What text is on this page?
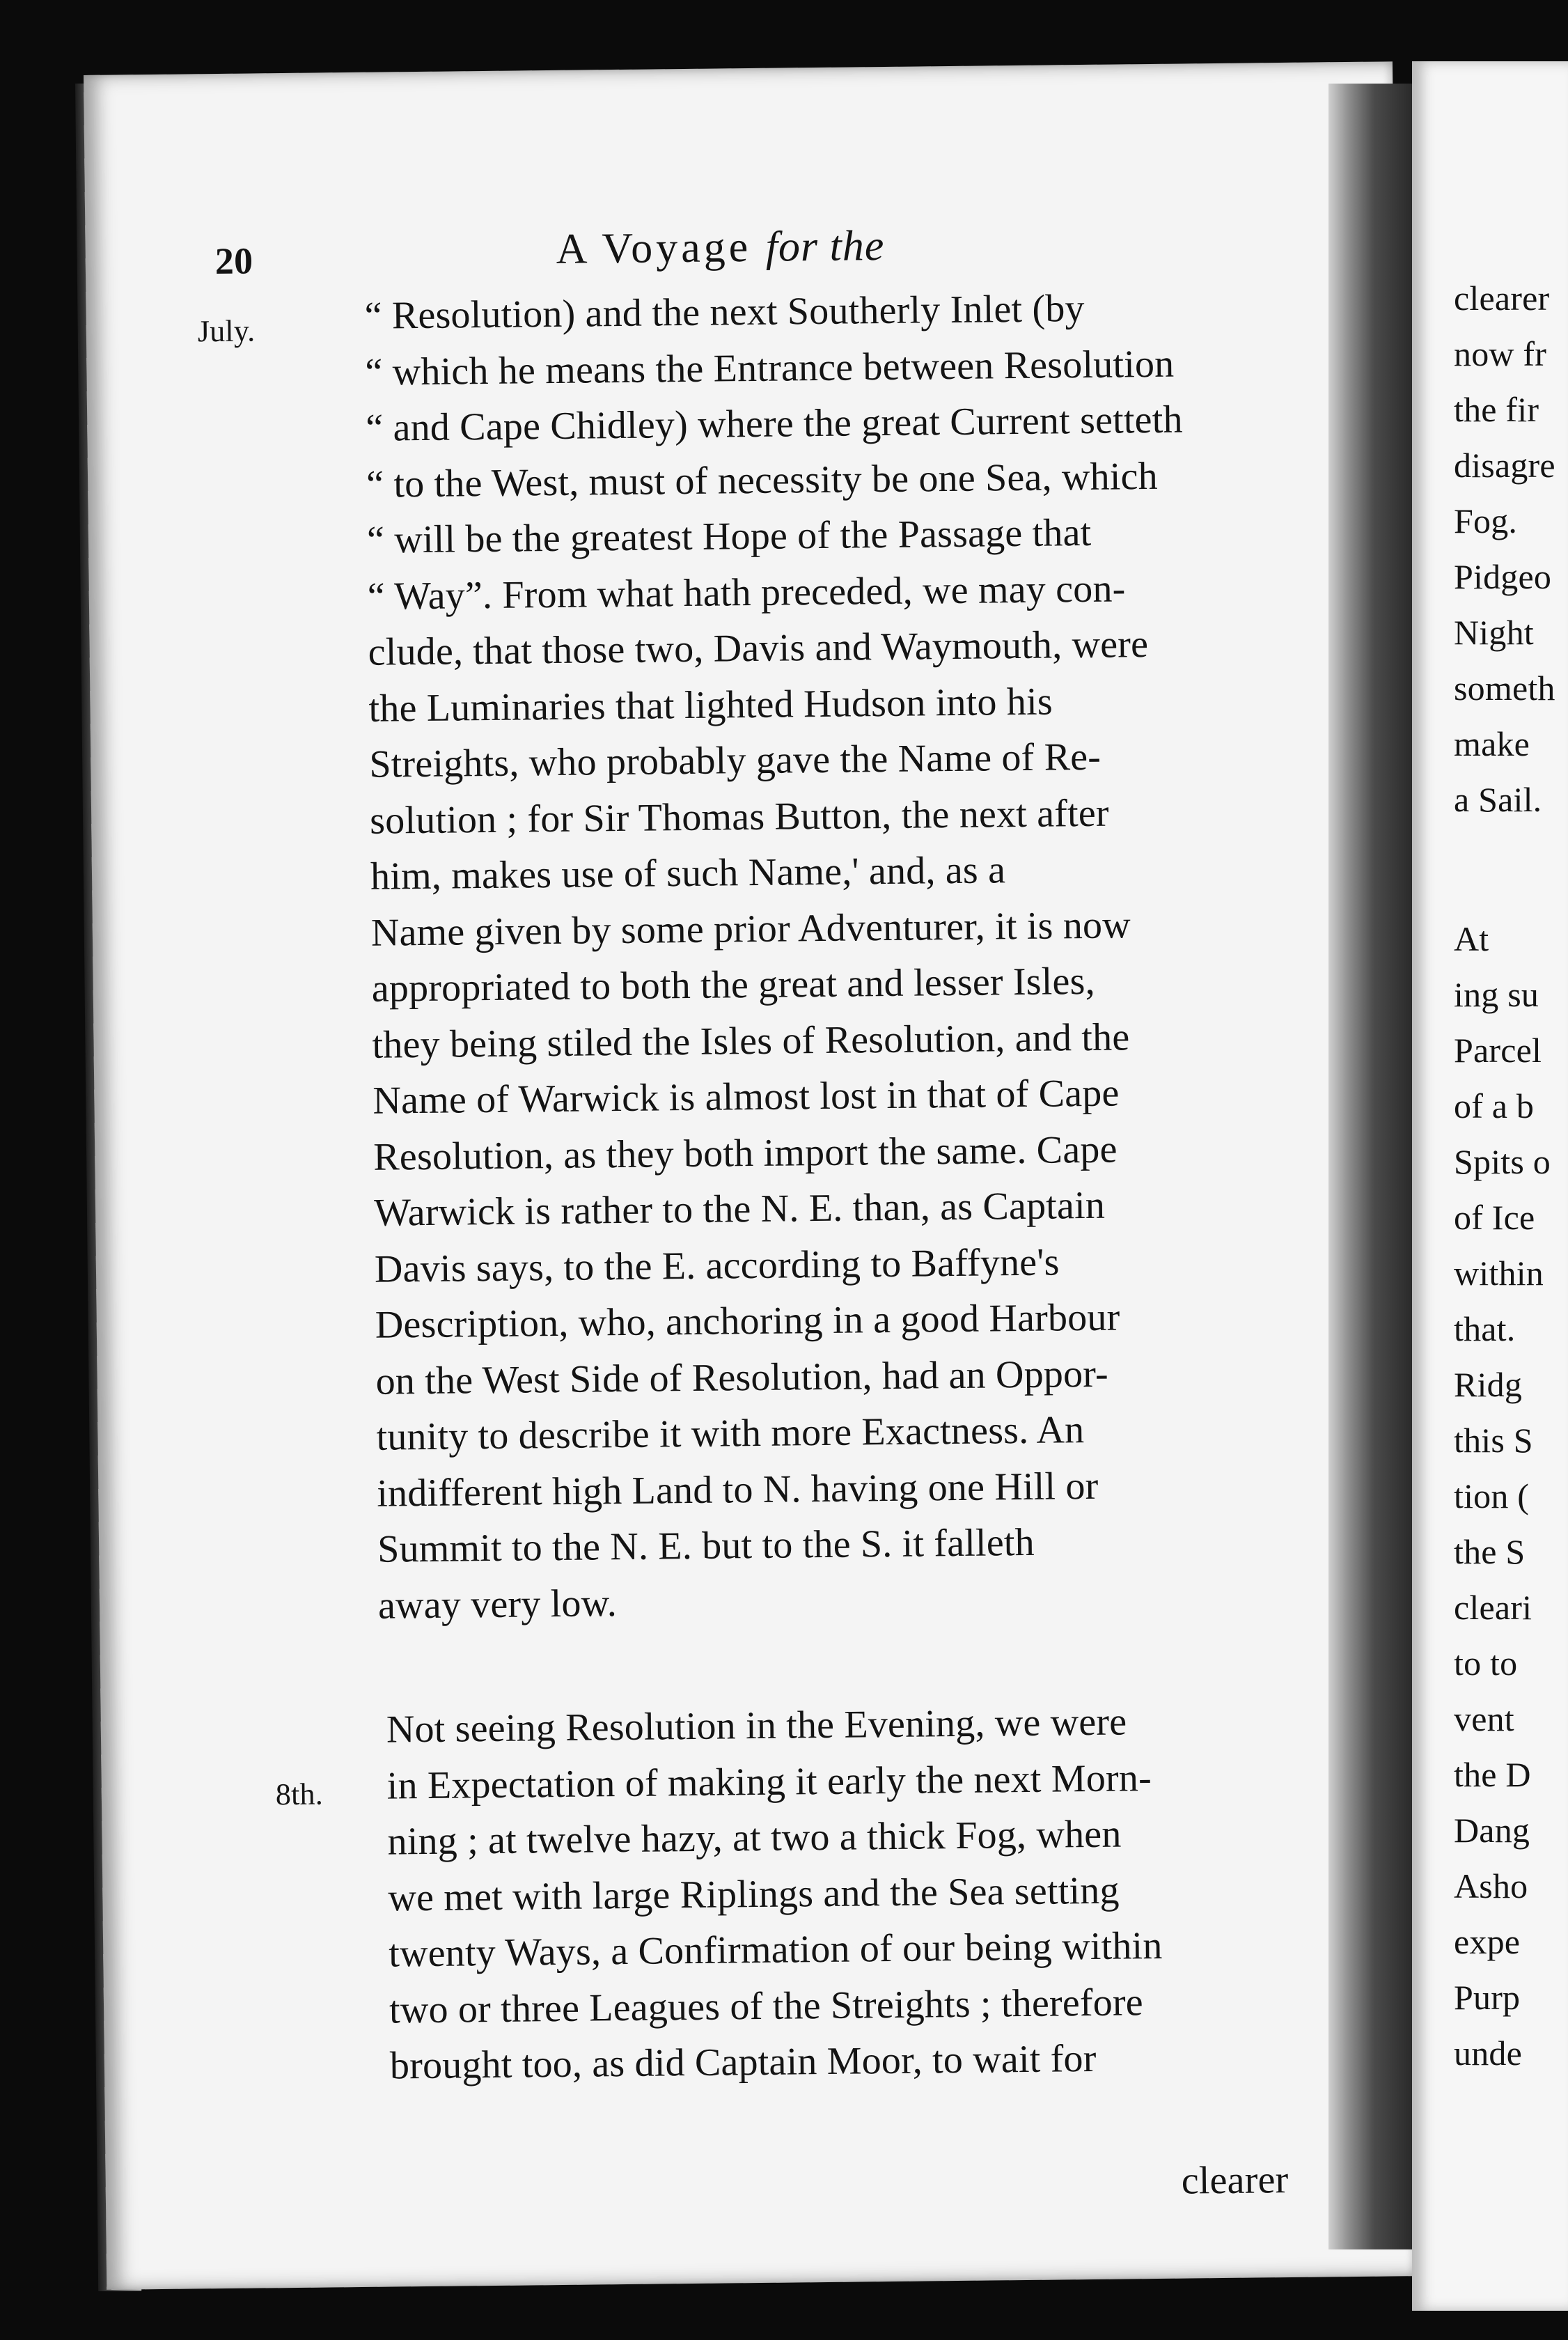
20	A Voyage for the
July.
8th.
“ Resolution) and the next Southerly Inlet (by
“ which he means the Entrance between Resolution
“ and Cape Chidley) where the great Current setteth
“ to the West, must of necessity be one Sea, which
“ will be the greatest Hope of the Passage that
“ Way”. From what hath preceded, we may con-
clude, that those two, Davis and Waymouth, were
the Luminaries that lighted Hudson into his
Streights, who probably gave the Name of Re-
solution ; for Sir Thomas Button, the next after
him, makes use of such Name,' and, as a
Name given by some prior Adventurer, it is now
appropriated to both the great and lesser Isles,
they being stiled the Isles of Resolution, and the
Name of Warwick is almost lost in that of Cape
Resolution, as they both import the same. Cape
Warwick is rather to the N. E. than, as Captain
Davis says, to the E. according to Baffyne's
Description, who, anchoring in a good Harbour
on the West Side of Resolution, had an Oppor-
tunity to describe it with more Exactness. An
indifferent high Land to N. having one Hill or
Summit to the N. E. but to the S. it falleth
away very low.
Not seeing Resolution in the Evening, we were
in Expectation of making it early the next Morn-
ning ; at twelve hazy, at two a thick Fog, when
we met with large Riplings and the Sea setting
twenty Ways, a Confirmation of our being within
two or three Leagues of the Streights ; therefore
brought too, as did Captain Moor, to wait for
clearer
clearer
now fr
the fir
disagre
Fog.
Pidgeo
Night
someth
make
a Sail.
At
ing su
Parcel
of a b
Spits o
of Ice
within
that.
Ridg
this S
tion (
the S
cleari
to to
vent
the D
Dang
Asho
expe
Purp
unde
